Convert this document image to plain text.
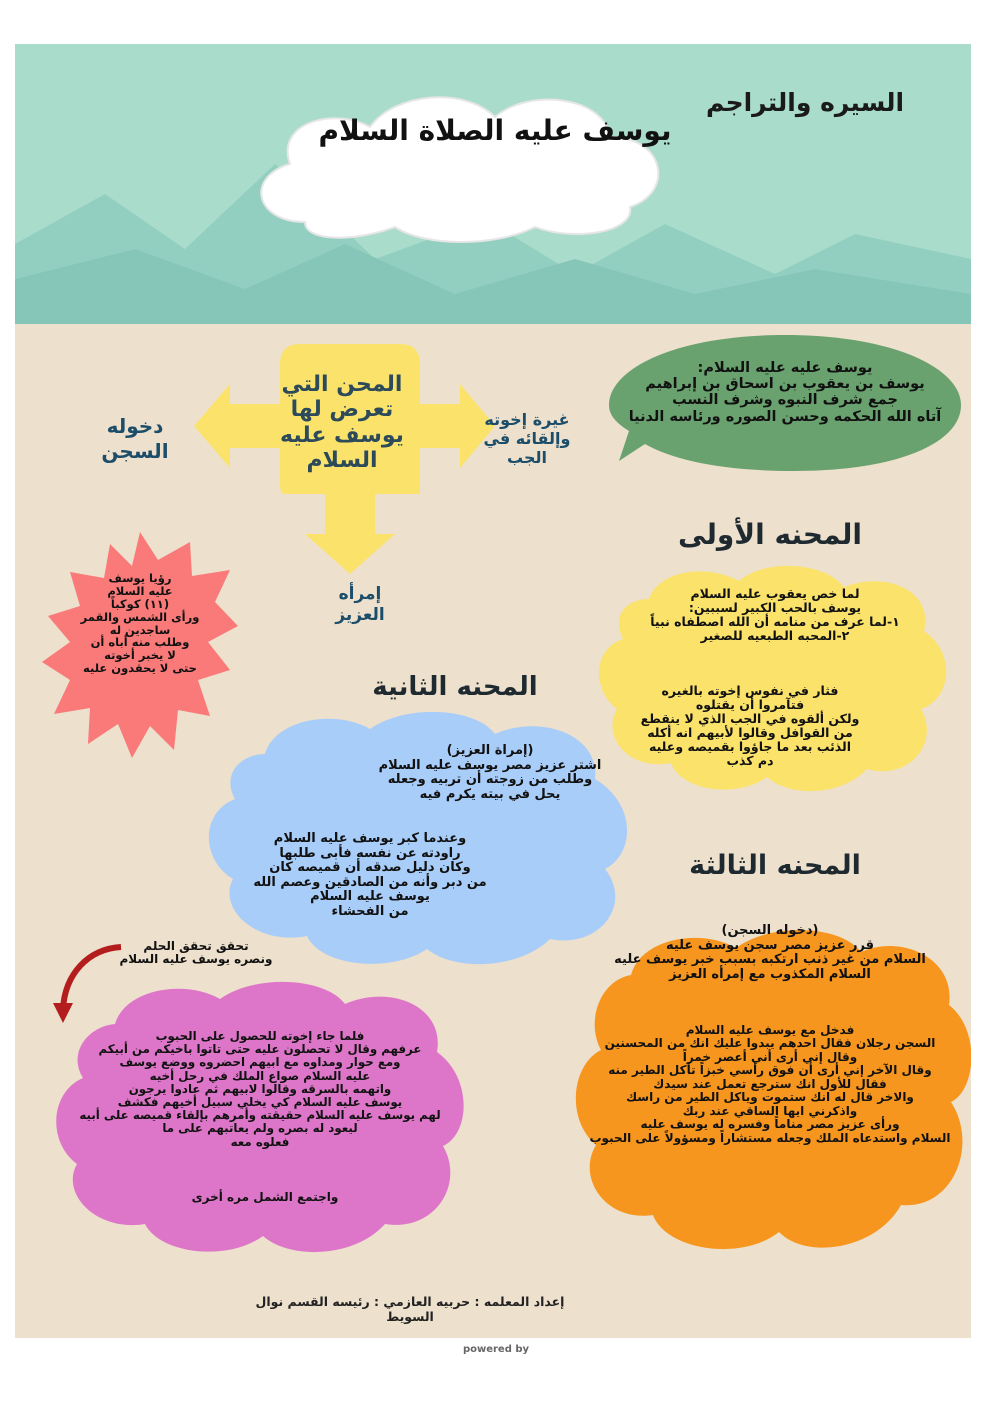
السيره والتراجم
يوسف عليه الصلاة السلام
يوسف عليه عليه السلام:
يوسف بن يعقوب بن اسحاق بن إبراهيم
جمع شرف النبوه وشرف النسب
آتاه الله الحكمه وحسن الصوره ورئاسه الدنيا
المحن التي تعرض لها يوسف عليه السلام
دخوله السجن
غيرة إخوته وإلقائه في الجب
إمرأه العزيز
رؤيا يوسف
عليه السلام
(١١) كوكباً
ورأى الشمس والقمر
ساجدين له
وطلب منه أباه أن
لا يخبر أخوته
حتى لا يحقدون عليه
المحنه الأولى
لما خص يعقوب عليه السلام
يوسف بالحب الكبير لسببين:
١-لما عرف من منامه أن الله اصطفاه نبياً
٢-المحبه الطبعيه للصغير
فثار في نفوس إخوته بالغيره
فتآمروا أن يقتلوه
ولكن ألقوه في الجب الذي لا ينقطع
من القوافل وقالوا لأبيهم انه أكله
الذئب بعد ما جاؤوا بقميصه وعليه
دم كذب
المحنه الثانية
(إمراة العزيز)
اشتر عزيز مصر يوسف عليه السلام
وطلب من زوجته أن تربيه وجعله
يحل في بيته يكرم فيه
وعندما كبر يوسف عليه السلام
راودته عن نفسه فأبى طلبها
وكان دليل صدقه أن قميصه كان
من دبر وأنه من الصادقين وعصم الله
يوسف عليه السلام
من الفحشاء
المحنه الثالثة
(دخوله السجن)
قرر عزيز مصر سجن يوسف عليه
السلام من غير ذنب ارتكبه بسبب خبر يوسف عليه
السلام المكذوب مع إمرأه العزيز
فدخل مع يوسف عليه السلام
السجن رجلان فقال احدهم يبدوا عليك انك من المحسنين
وقال إني أرى أني أعصر خمراً
وقال الآخر إني أرى أن فوق رأسي خبزاً تأكل الطير منه
فقال للأول انك سترجع تعمل عند سيدك
والاخر قال له انك ستموت وياكل الطير من راسك
واذكرني ايها الساقي عند ربك
ورأى عزيز مصر مناماً وفسره له يوسف عليه
السلام واستدعاه الملك وجعله مستشاراً ومسؤولاً على الحبوب
تحقق تحقق الحلم
ونصره يوسف عليه السلام
فلما جاء إخوته للحصول على الحبوب
عرفهم وقال لا تحصلون عليه حتى تاتوا باخيكم من أبيكم
ومع حوار ومداوه مع ابيهم احضروه ووضع يوسف
عليه السلام صواع الملك في رحل أخيه
واتهمه بالسرقه وقالوا لابيهم ثم عادوا يرجون
يوسف عليه السلام كي يخلي سبيل أخيهم فكشف
لهم يوسف عليه السلام حقيقته وأمرهم بإلقاء قميصه على أبيه
ليعود له بصره ولم يعاتبهم على ما
فعلوه معه
واجتمع الشمل مره أخرى
إعداد المعلمه : حربيه العازمي : رئيسه القسم نوال السويط
powered by
